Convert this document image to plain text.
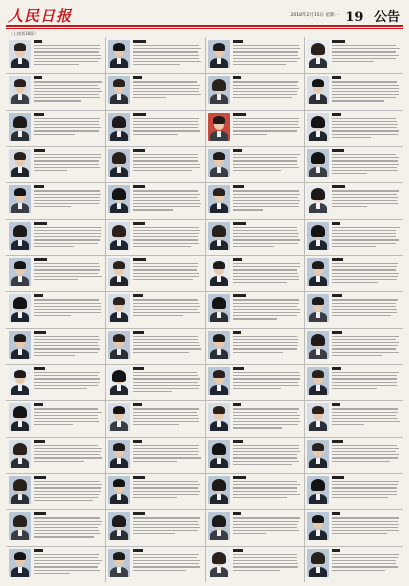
人民日报	2018年2月15日 星期一 19 公告
（上接第18版）
